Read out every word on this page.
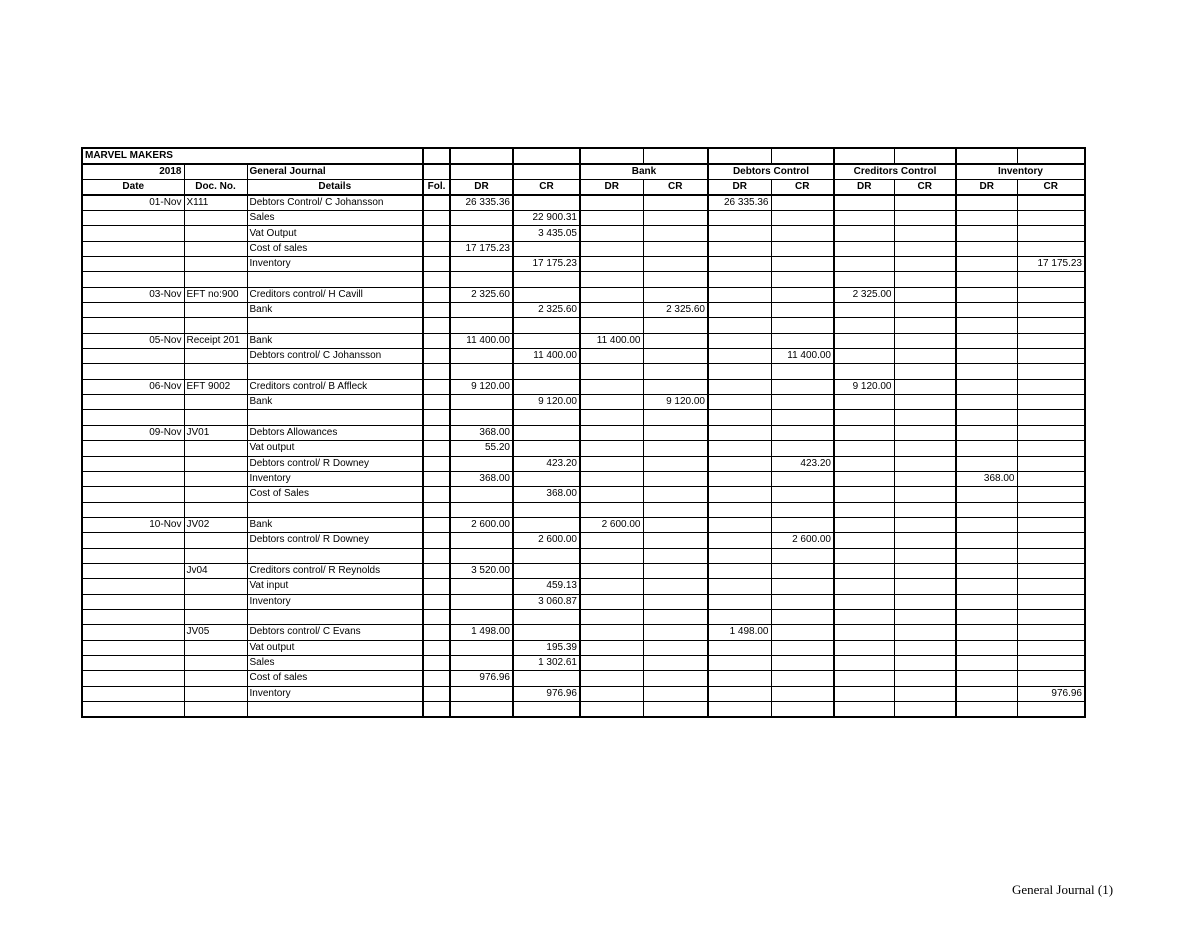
MARVEL MAKERS													
2018		General Journal				Bank		Debtors Control		Creditors Control		Inventory	
Date	Doc. No.	Details	Fol.	DR	CR	DR	CR	DR	CR	DR	CR	DR	CR
01-Nov	X111	Debtors Control/ C Johansson		26 335.36				26 335.36					
		Sales			22 900.31								
		Vat Output			3 435.05								
		Cost of sales		17 175.23									
		Inventory			17 175.23								17 175.23

03-Nov	EFT no:900	Creditors control/ H Cavill		2 325.60						2 325.00			
		Bank			2 325.60		2 325.60						

05-Nov	Receipt 201	Bank		11 400.00		11 400.00							
		Debtors control/ C Johansson			11 400.00				11 400.00				

06-Nov	EFT 9002	Creditors control/ B Affleck		9 120.00						9 120.00			
		Bank			9 120.00		9 120.00						

09-Nov	JV01	Debtors Allowances		368.00									
		Vat output		55.20									
		Debtors control/ R Downey			423.20				423.20				
		Inventory		368.00								368.00	
		Cost of Sales			368.00								

10-Nov	JV02	Bank		2 600.00		2 600.00							
		Debtors control/ R Downey			2 600.00				2 600.00				

	Jv04	Creditors control/ R Reynolds		3 520.00									
		Vat input			459.13								
		Inventory			3 060.87								

	JV05	Debtors control/ C Evans		1 498.00				1 498.00					
		Vat output			195.39								
		Sales			1 302.61								
		Cost of sales		976.96									
		Inventory			976.96								976.96

General Journal (1)
